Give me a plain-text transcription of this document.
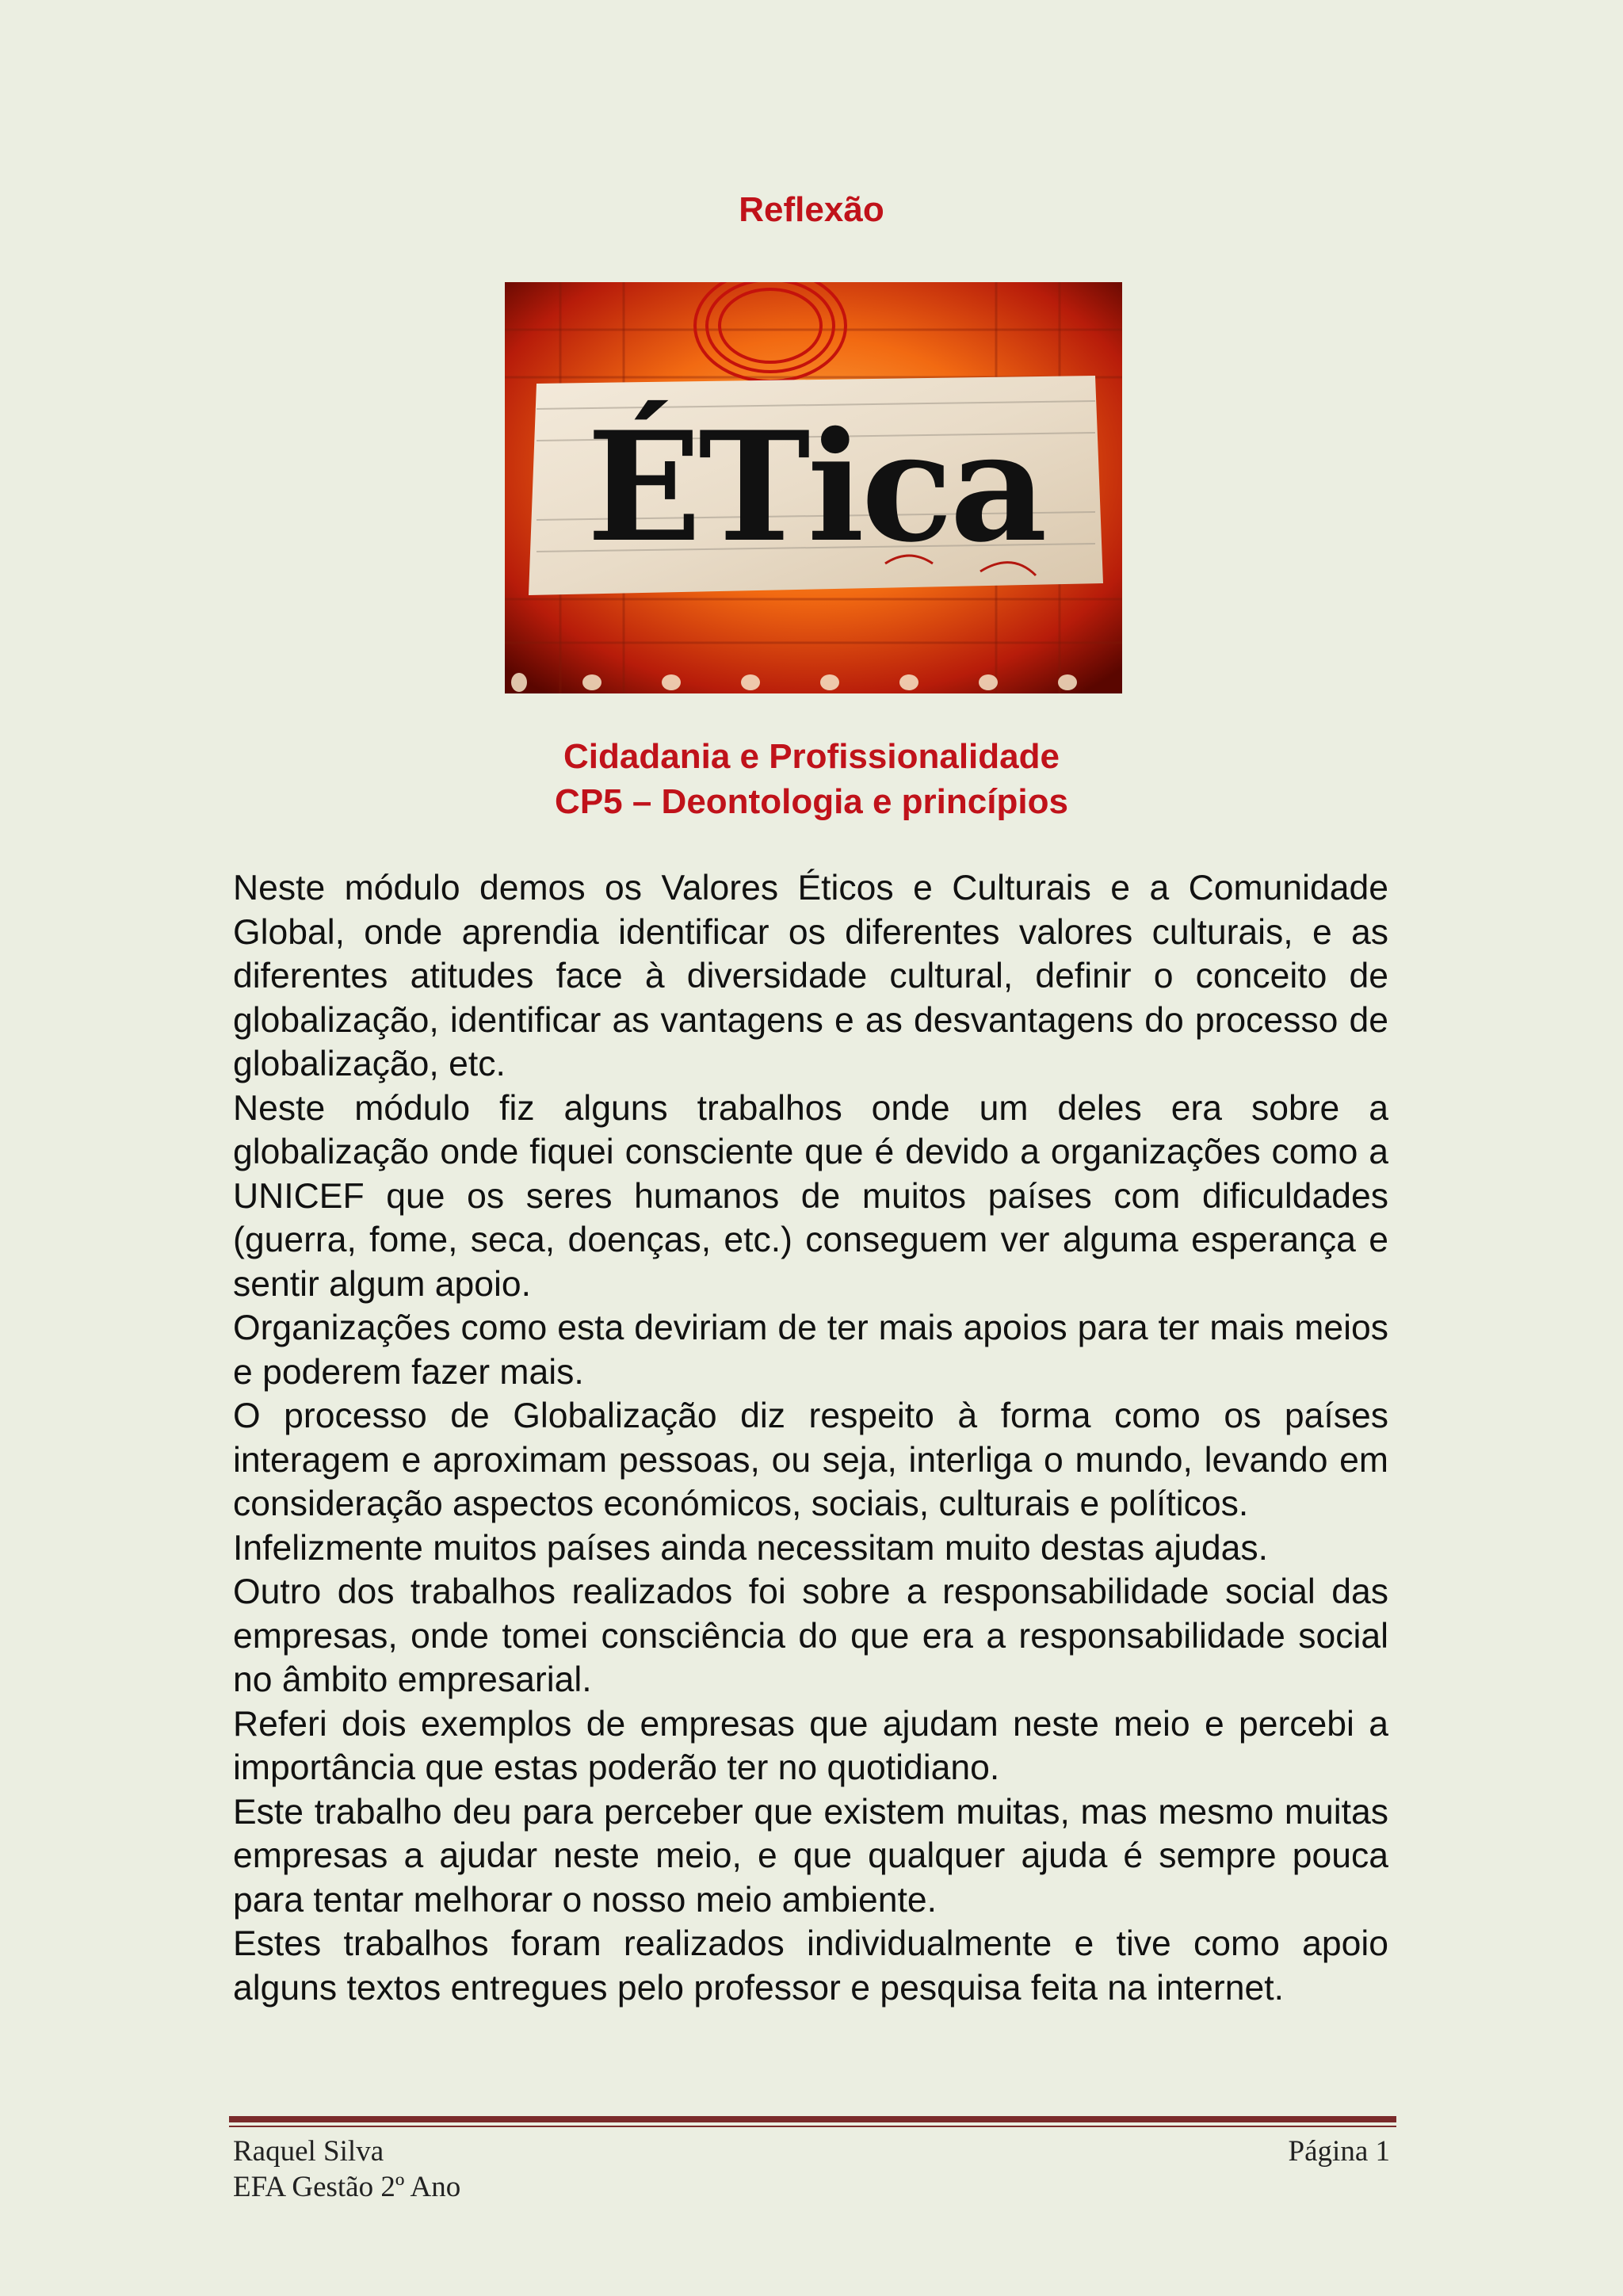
Reflexão
ÉTica
Cidadania e Profissionalidade
CP5 – Deontologia e princípios

Neste módulo demos os Valores Éticos e Culturais e a Comunidade Global, onde aprendia identificar os diferentes valores culturais, e as diferentes atitudes face à diversidade cultural, definir o conceito de globalização, identificar as vantagens e as desvantagens do processo de globalização, etc.

Neste módulo fiz alguns trabalhos onde um deles era sobre a globalização onde fiquei consciente que é devido a organizações como a UNICEF que os seres humanos de muitos países com dificuldades (guerra, fome, seca, doenças, etc.) conseguem ver alguma esperança e sentir algum apoio.

Organizações como esta deviriam de ter mais apoios para ter mais meios e poderem fazer mais.

O processo de Globalização diz respeito à forma como os países interagem e aproximam pessoas, ou seja, interliga o mundo, levando em consideração aspectos económicos, sociais, culturais e políticos.

Infelizmente muitos países ainda necessitam muito destas ajudas.

Outro dos trabalhos realizados foi sobre a responsabilidade social das empresas, onde tomei consciência do que era a responsabilidade social no âmbito empresarial.

Referi dois exemplos de empresas que ajudam neste meio e percebi a importância que estas poderão ter no quotidiano.

Este trabalho deu para perceber que existem muitas, mas mesmo muitas empresas a ajudar neste meio, e que qualquer ajuda é sempre pouca para tentar melhorar o nosso meio ambiente.

Estes trabalhos foram realizados individualmente e tive como apoio alguns textos entregues pelo professor e pesquisa feita na internet.

Raquel Silva
EFA Gestão 2º Ano
Página 1
